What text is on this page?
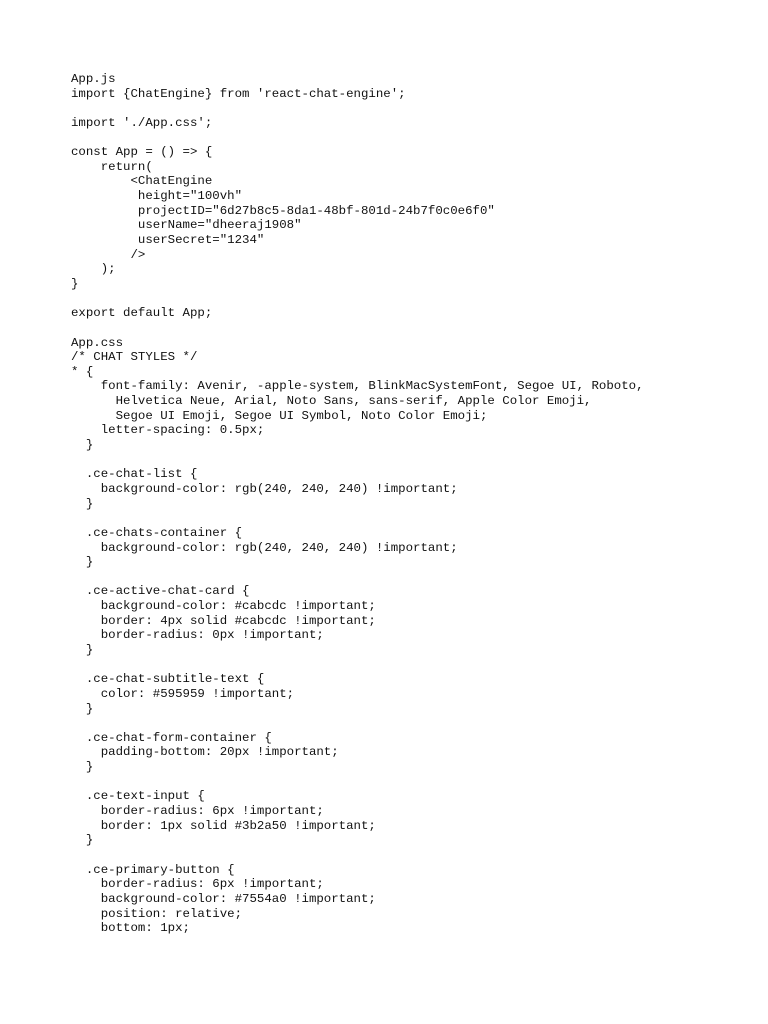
App.js
import {ChatEngine} from 'react-chat-engine';
import './App.css';
const App = () => {
return(
<ChatEngine
height="100vh"
projectID="6d27b8c5-8da1-48bf-801d-24b7f0c0e6f0"
userName="dheeraj1908"
userSecret="1234"
/>
);
}
export default App;
App.css
/* CHAT STYLES */
* {
font-family: Avenir, -apple-system, BlinkMacSystemFont, Segoe UI, Roboto,
Helvetica Neue, Arial, Noto Sans, sans-serif, Apple Color Emoji,
Segoe UI Emoji, Segoe UI Symbol, Noto Color Emoji;
letter-spacing: 0.5px;
}
.ce-chat-list {
background-color: rgb(240, 240, 240) !important;
}
.ce-chats-container {
background-color: rgb(240, 240, 240) !important;
}
.ce-active-chat-card {
background-color: #cabcdc !important;
border: 4px solid #cabcdc !important;
border-radius: 0px !important;
}
.ce-chat-subtitle-text {
color: #595959 !important;
}
.ce-chat-form-container {
padding-bottom: 20px !important;
}
.ce-text-input {
border-radius: 6px !important;
border: 1px solid #3b2a50 !important;
}
.ce-primary-button {
border-radius: 6px !important;
background-color: #7554a0 !important;
position: relative;
bottom: 1px;
